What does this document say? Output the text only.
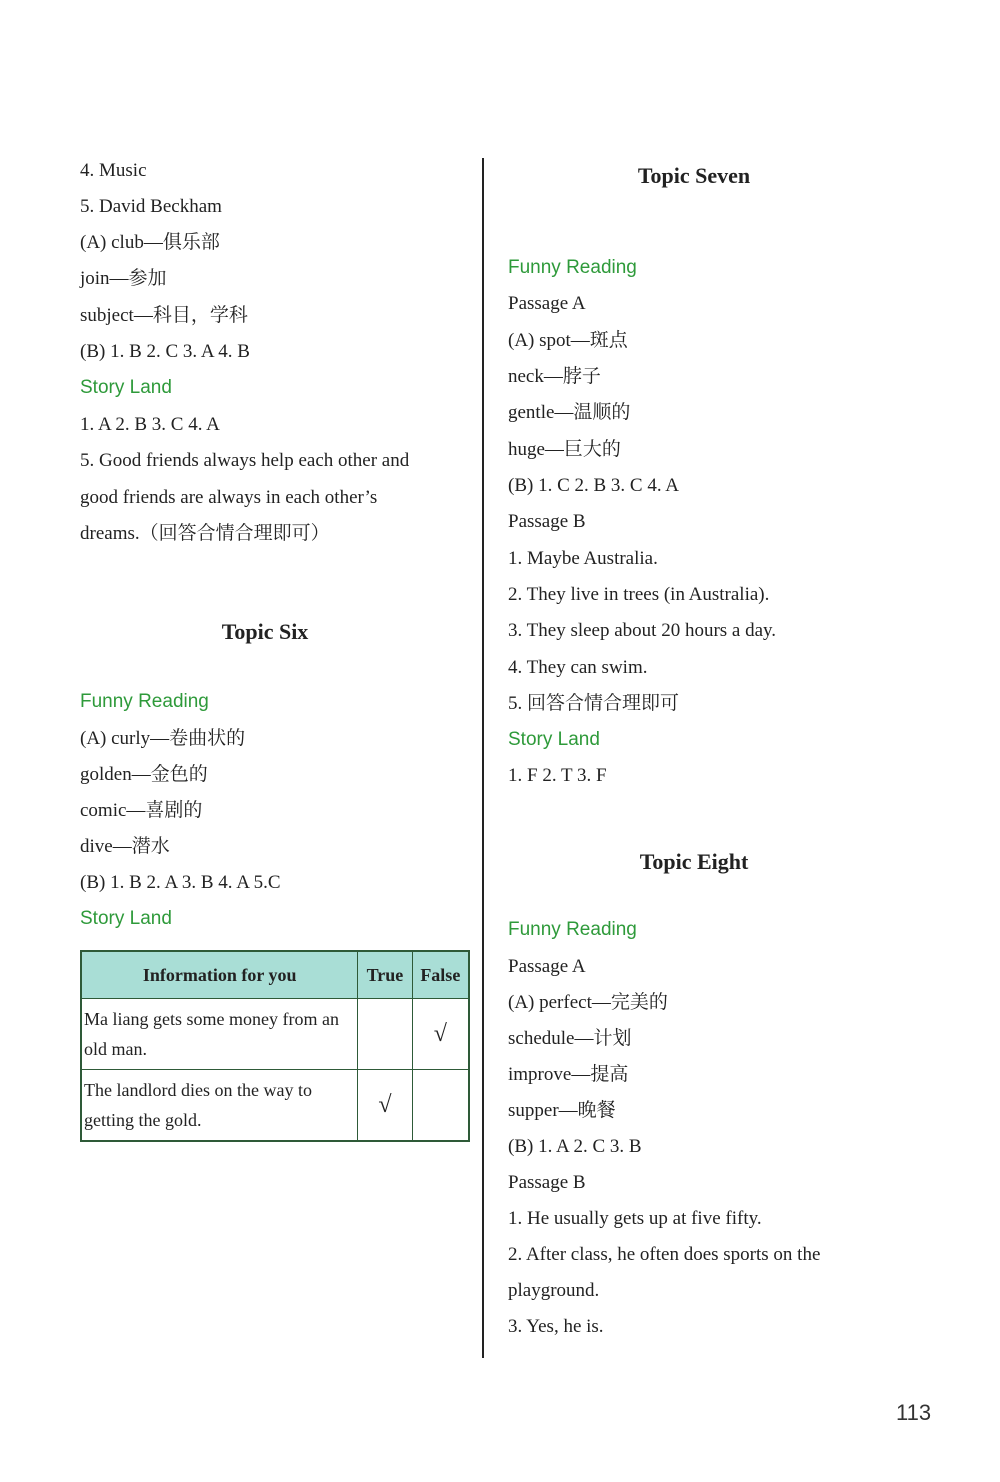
4. Music
5. David Beckham
(A) club—俱乐部
join—参加
subject—科目，学科
(B) 1. B 2. C 3. A 4. B
Story Land
1. A 2. B 3. C 4. A
5. Good friends always help each other and
good friends are always in each other’s
dreams.（回答合情合理即可）
Topic Six
Funny Reading
(A) curly—卷曲状的
golden—金色的
comic—喜剧的
dive—潜水
(B) 1. B 2. A 3. B 4. A 5.C
Story Land
Information for you	True	False
Ma liang gets some money from an old man.		√
The landlord dies on the way to getting the gold.	√	
Topic Seven
Funny Reading
Passage A
(A) spot—斑点
neck—脖子
gentle—温顺的
huge—巨大的
(B) 1. C 2. B 3. C 4. A
Passage B
1. Maybe Australia.
2. They live in trees (in Australia).
3. They sleep about 20 hours a day.
4. They can swim.
5. 回答合情合理即可
Story Land
1. F 2. T 3. F
Topic Eight
Funny Reading
Passage A
(A) perfect—完美的
schedule—计划
improve—提高
supper—晚餐
(B) 1. A 2. C 3. B
Passage B
1. He usually gets up at five fifty.
2. After class, he often does sports on the
playground.
3. Yes, he is.
113
